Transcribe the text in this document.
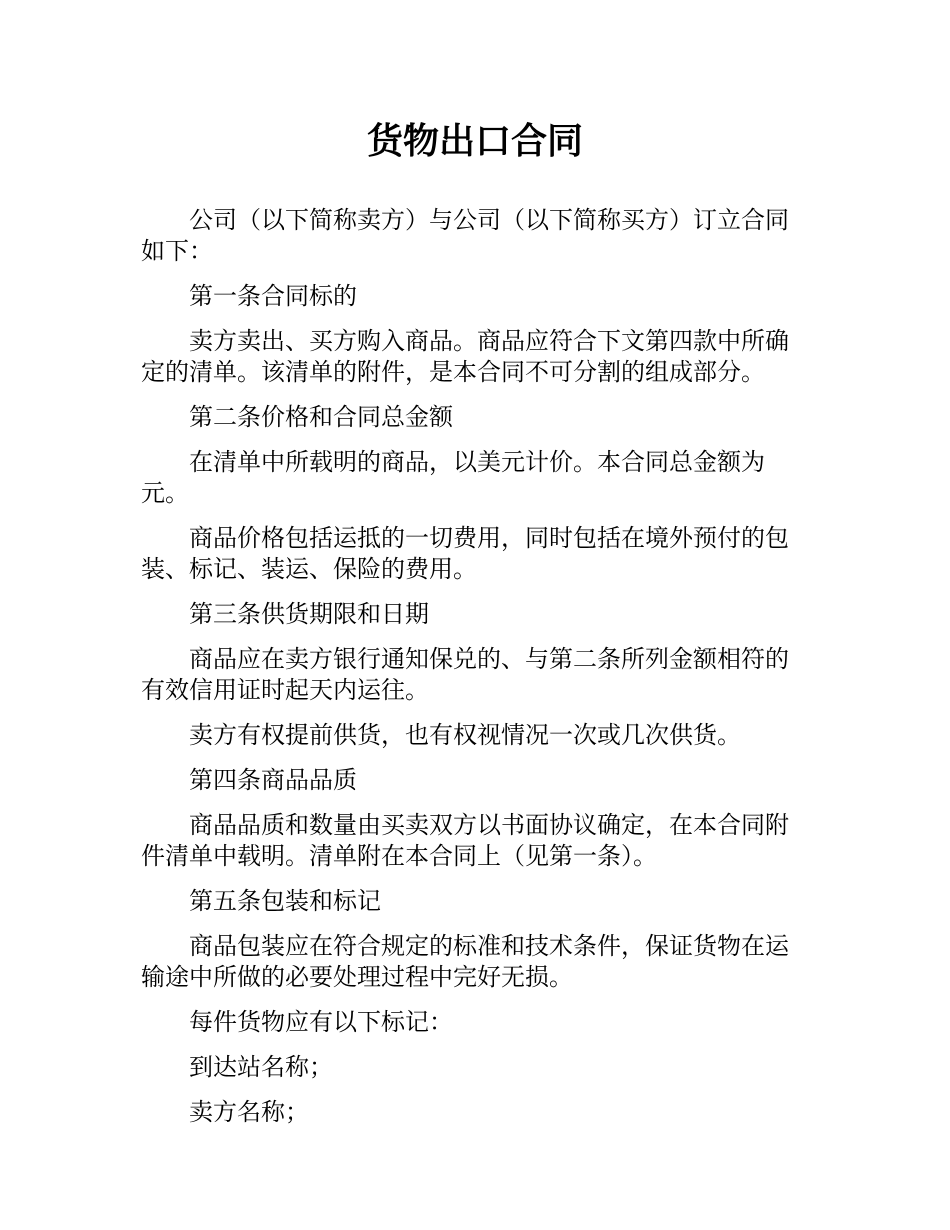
货物出口合同

公司（以下简称卖方）与公司（以下简称买方）订立合同如下：

第一条合同标的

卖方卖出、买方购入商品。商品应符合下文第四款中所确定的清单。该清单的附件，是本合同不可分割的组成部分。

第二条价格和合同总金额

在清单中所载明的商品，以美元计价。本合同总金额为元。

商品价格包括运抵的一切费用，同时包括在境外预付的包装、标记、装运、保险的费用。

第三条供货期限和日期

商品应在卖方银行通知保兑的、与第二条所列金额相符的有效信用证时起天内运往。

卖方有权提前供货，也有权视情况一次或几次供货。

第四条商品品质

商品品质和数量由买卖双方以书面协议确定，在本合同附件清单中载明。清单附在本合同上（见第一条）。

第五条包装和标记

商品包装应在符合规定的标准和技术条件，保证货物在运输途中所做的必要处理过程中完好无损。

每件货物应有以下标记：

到达站名称；

卖方名称；
